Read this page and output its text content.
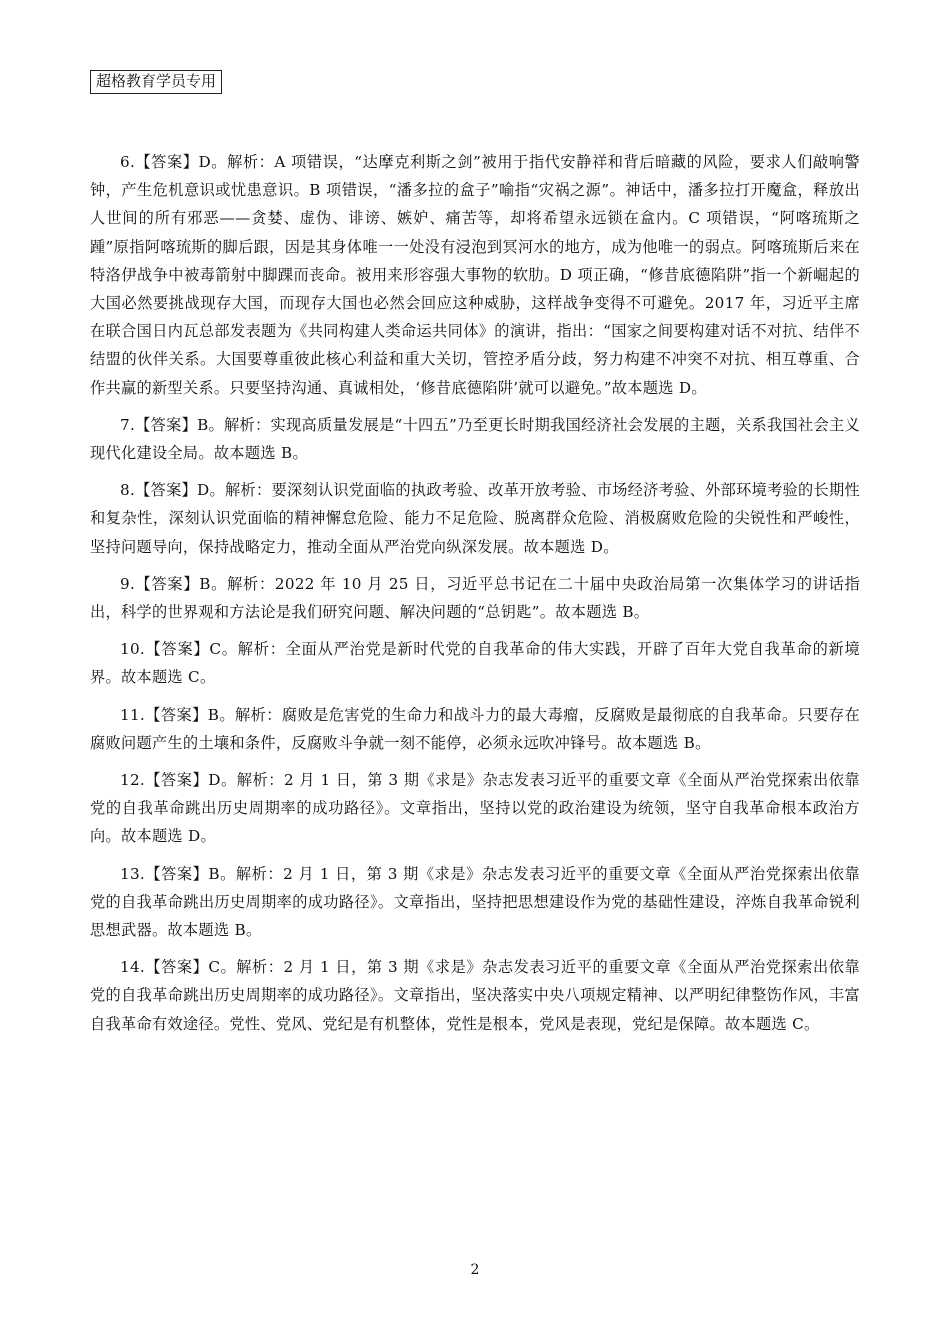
超格教育学员专用

6.【答案】D。解析：A 项错误，“达摩克利斯之剑”被用于指代安静祥和背后暗藏的风险，要求人们敲响警钟，产生危机意识或忧患意识。B 项错误，“潘多拉的盒子”喻指“灾祸之源”。神话中，潘多拉打开魔盒，释放出人世间的所有邪恶——贪婪、虚伪、诽谤、嫉妒、痛苦等，却将希望永远锁在盒内。C 项错误，“阿喀琉斯之踵”原指阿喀琉斯的脚后跟，因是其身体唯一一处没有浸泡到冥河水的地方，成为他唯一的弱点。阿喀琉斯后来在特洛伊战争中被毒箭射中脚踝而丧命。被用来形容强大事物的软肋。D 项正确，“修昔底德陷阱”指一个新崛起的大国必然要挑战现存大国，而现存大国也必然会回应这种威胁，这样战争变得不可避免。2017 年，习近平主席在联合国日内瓦总部发表题为《共同构建人类命运共同体》的演讲，指出：“国家之间要构建对话不对抗、结伴不结盟的伙伴关系。大国要尊重彼此核心利益和重大关切，管控矛盾分歧，努力构建不冲突不对抗、相互尊重、合作共赢的新型关系。只要坚持沟通、真诚相处，‘修昔底德陷阱’就可以避免。”故本题选 D。

7.【答案】B。解析：实现高质量发展是“十四五”乃至更长时期我国经济社会发展的主题，关系我国社会主义现代化建设全局。故本题选 B。

8.【答案】D。解析：要深刻认识党面临的执政考验、改革开放考验、市场经济考验、外部环境考验的长期性和复杂性，深刻认识党面临的精神懈怠危险、能力不足危险、脱离群众危险、消极腐败危险的尖锐性和严峻性，坚持问题导向，保持战略定力，推动全面从严治党向纵深发展。故本题选 D。

9.【答案】B。解析：2022 年 10 月 25 日，习近平总书记在二十届中央政治局第一次集体学习的讲话指出，科学的世界观和方法论是我们研究问题、解决问题的“总钥匙”。故本题选 B。

10.【答案】C。解析：全面从严治党是新时代党的自我革命的伟大实践，开辟了百年大党自我革命的新境界。故本题选 C。

11.【答案】B。解析：腐败是危害党的生命力和战斗力的最大毒瘤，反腐败是最彻底的自我革命。只要存在腐败问题产生的土壤和条件，反腐败斗争就一刻不能停，必须永远吹冲锋号。故本题选 B。

12.【答案】D。解析：2 月 1 日，第 3 期《求是》杂志发表习近平的重要文章《全面从严治党探索出依靠党的自我革命跳出历史周期率的成功路径》。文章指出，坚持以党的政治建设为统领，坚守自我革命根本政治方向。故本题选 D。

13.【答案】B。解析：2 月 1 日，第 3 期《求是》杂志发表习近平的重要文章《全面从严治党探索出依靠党的自我革命跳出历史周期率的成功路径》。文章指出，坚持把思想建设作为党的基础性建设，淬炼自我革命锐利思想武器。故本题选 B。

14.【答案】C。解析：2 月 1 日，第 3 期《求是》杂志发表习近平的重要文章《全面从严治党探索出依靠党的自我革命跳出历史周期率的成功路径》。文章指出，坚决落实中央八项规定精神、以严明纪律整饬作风，丰富自我革命有效途径。党性、党风、党纪是有机整体，党性是根本，党风是表现，党纪是保障。故本题选 C。

2
